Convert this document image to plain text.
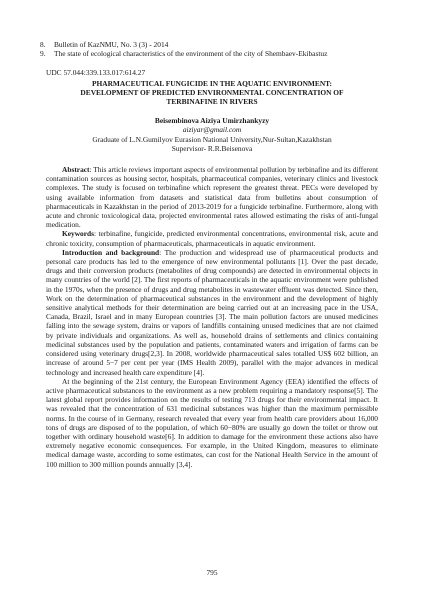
8.	Bulletin of KazNMU, No. 3 (3) - 2014
9.	The state of ecological characteristics of the environment of the city of Shembaev-Ekibastuz
UDC 57.044:339.133.017:614.27
PHARMACEUTICAL FUNGICIDE IN THE AQUATIC ENVIRONMENT:
DEVELOPMENT OF PREDICTED ENVIRONMENTAL CONCENTRATION OF
TERBINAFINE IN RIVERS
Beisembinova Aiziya Umirzhankyzy
aiziyar@gmail.com
Graduate of L.N.Gumilyov Eurasion National University,Nur-Sultan,Kazakhstan
Supervisor- R.R.Beisenova
Abstract: This article reviews important aspects of environmental pollution by terbinafine and its different contamination sources as housing sector, hospitals, pharmaceutical companies, veterinary clinics and livestock complexes. The study is focused on terbinafine which represent the greatest threat. PECs were developed by using available information from datasets and statistical data from bulletins about consumption of pharmaceuticals in Kazakhstan in the period of 2013-2019 for a fungicide terbinafine. Furthermore, along with acute and chronic toxicological data, projected environmental rates allowed estimating the risks of anti-fungal medication.
Keywords: terbinafine, fungicide, predicted environmental concentrations, environmental risk, acute and chronic toxicity, consumption of pharmaceuticals, pharmaceuticals in aquatic environment.
Introduction and background: The production and widespread use of pharmaceutical products and personal care products has led to the emergence of new environmental pollutants [1]. Over the past decade, drugs and their conversion products (metabolites of drug compounds) are detected in environmental objects in many countries of the world [2]. The first reports of pharmaceuticals in the aquatic environment were published in the 1970s, when the presence of drugs and drug metabolites in wastewater effluent was detected. Since then, Work on the determination of pharmaceutical substances in the environment and the development of highly sensitive analytical methods for their determination are being carried out at an increasing pace in the USA, Canada, Brazil, Israel and in many European countries [3]. The main pollution factors are unused medicines falling into the sewage system, drains or vapors of landfills containing unused medicines that are not claimed by private individuals and organizations. As well as, household drains of settlements and clinics containing medicinal substances used by the population and patients, contaminated waters and irrigation of farms can be considered using veterinary drugs[2,3]. In 2008, worldwide pharmaceutical sales totalled US$ 602 billion, an increase of around 5−7 per cent per year (IMS Health 2009), parallel with the major advances in medical technology and increased health care expenditure [4].
At the beginning of the 21st century, the European Environment Agency (EEA) identified the effects of active pharmaceutical substances to the environment as a new problem requiring a mandatory response[5]. The latest global report provides information on the results of testing 713 drugs for their environmental impact. It was revealed that the concentration of 631 medicinal substances was higher than the maximum permissible norms. In the course of in Germany, research revealed that every year from health care providers about 16,000 tons of drugs are disposed of to the population, of which 60−80% are usually go down the toilet or throw out together with ordinary household waste[6]. In addition to damage for the environment these actions also have extremely negative economic consequences. For example, in the United Kingdom, measures to eliminate medical damage waste, according to some estimates, can cost for the National Health Service in the amount of 100 million to 300 million pounds annually [3,4].
795
